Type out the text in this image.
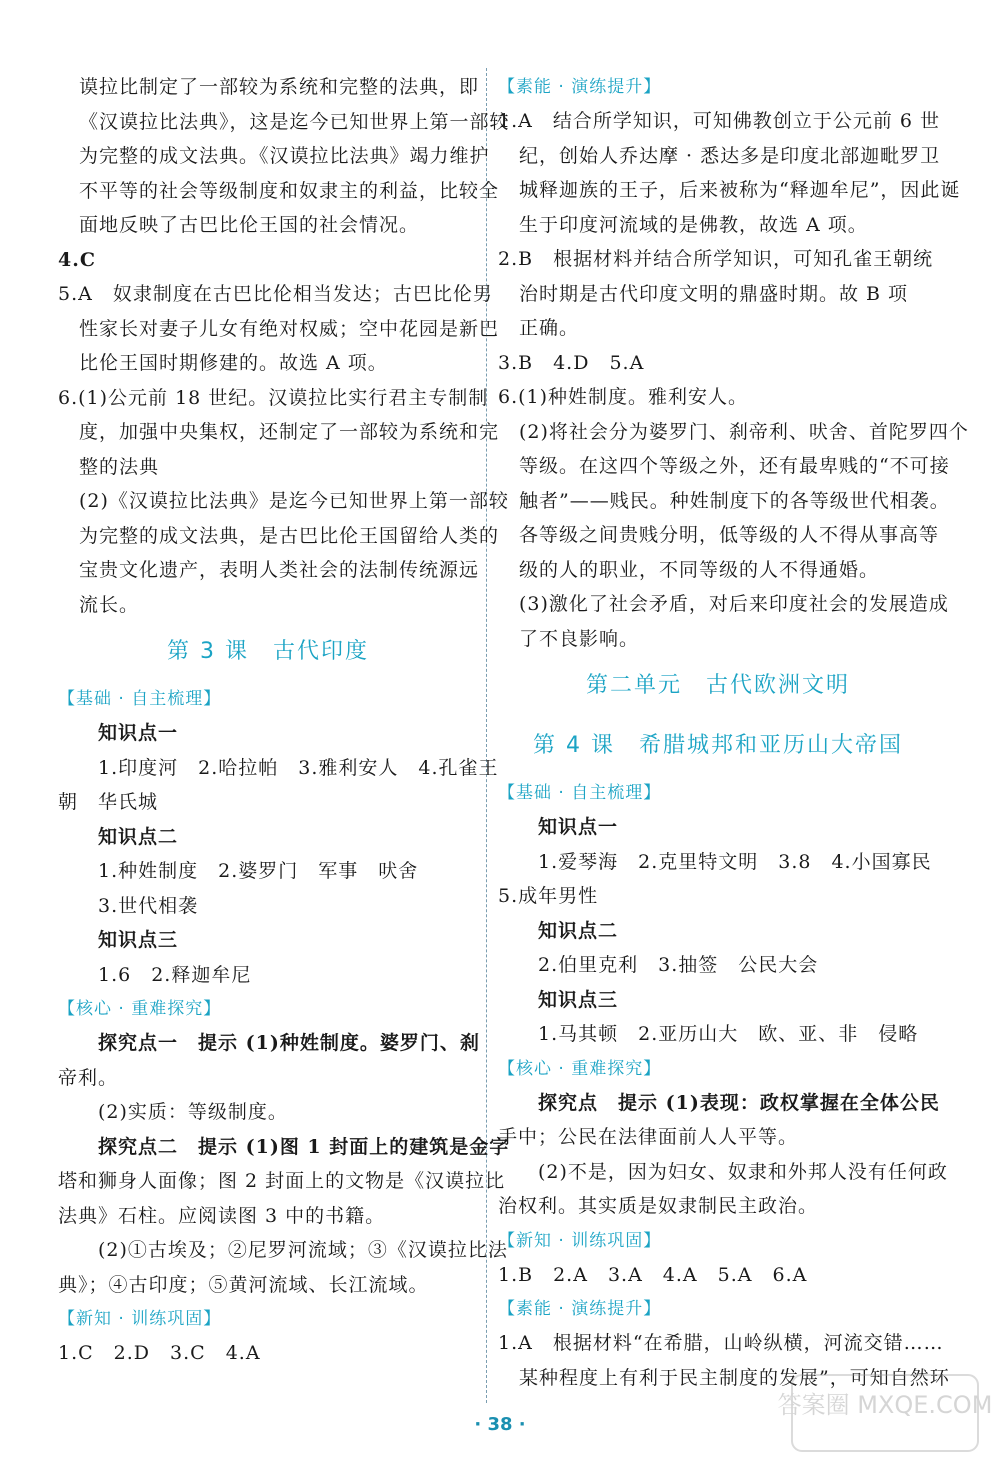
谟拉比制定了一部较为系统和完整的法典，即
《汉谟拉比法典》，这是迄今已知世界上第一部较
为完整的成文法典。《汉谟拉比法典》竭力维护
不平等的社会等级制度和奴隶主的利益，比较全
面地反映了古巴比伦王国的社会情况。
4.C
5.A　奴隶制度在古巴比伦相当发达；古巴比伦男
性家长对妻子儿女有绝对权威；空中花园是新巴
比伦王国时期修建的。故选 A 项。
6.(1)公元前 18 世纪。汉谟拉比实行君主专制制
度，加强中央集权，还制定了一部较为系统和完
整的法典
(2)《汉谟拉比法典》是迄今已知世界上第一部较
为完整的成文法典，是古巴比伦王国留给人类的
宝贵文化遗产，表明人类社会的法制传统源远
流长。
第 3 课　古代印度
【基础 · 自主梳理】
知识点一
1.印度河　2.哈拉帕　3.雅利安人　4.孔雀王
朝　华氏城
知识点二
1.种姓制度　2.婆罗门　军事　吠舍
3.世代相袭
知识点三
1.6　2.释迦牟尼
【核心 · 重难探究】
探究点一　提示 (1)种姓制度。婆罗门、刹
帝利。
(2)实质：等级制度。
探究点二　提示 (1)图 1 封面上的建筑是金字
塔和狮身人面像；图 2 封面上的文物是《汉谟拉比
法典》石柱。应阅读图 3 中的书籍。
(2)①古埃及；②尼罗河流域；③《汉谟拉比法
典》；④古印度；⑤黄河流域、长江流域。
【新知 · 训练巩固】
1.C　2.D　3.C　4.A
【素能 · 演练提升】
1.A　结合所学知识，可知佛教创立于公元前 6 世
纪，创始人乔达摩 · 悉达多是印度北部迦毗罗卫
城释迦族的王子，后来被称为“释迦牟尼”，因此诞
生于印度河流域的是佛教，故选 A 项。
2.B　根据材料并结合所学知识，可知孔雀王朝统
治时期是古代印度文明的鼎盛时期。故 B 项
正确。
3.B　4.D　5.A
6.(1)种姓制度。雅利安人。
(2)将社会分为婆罗门、刹帝利、吠舍、首陀罗四个
等级。在这四个等级之外，还有最卑贱的“不可接
触者”——贱民。种姓制度下的各等级世代相袭。
各等级之间贵贱分明，低等级的人不得从事高等
级的人的职业，不同等级的人不得通婚。
(3)激化了社会矛盾，对后来印度社会的发展造成
了不良影响。
第二单元　古代欧洲文明
第 4 课　希腊城邦和亚历山大帝国
【基础 · 自主梳理】
知识点一
1.爱琴海　2.克里特文明　3.8　4.小国寡民
5.成年男性
知识点二
2.伯里克利　3.抽签　公民大会
知识点三
1.马其顿　2.亚历山大　欧、亚、非　侵略
【核心 · 重难探究】
探究点　提示 (1)表现：政权掌握在全体公民
手中；公民在法律面前人人平等。
(2)不是，因为妇女、奴隶和外邦人没有任何政
治权利。其实质是奴隶制民主政治。
【新知 · 训练巩固】
1.B　2.A　3.A　4.A　5.A　6.A
【素能 · 演练提升】
1.A　根据材料“在希腊，山岭纵横，河流交错……
某种程度上有利于民主制度的发展”，可知自然环
· 38 ·
答案圈 MXQE.COM
